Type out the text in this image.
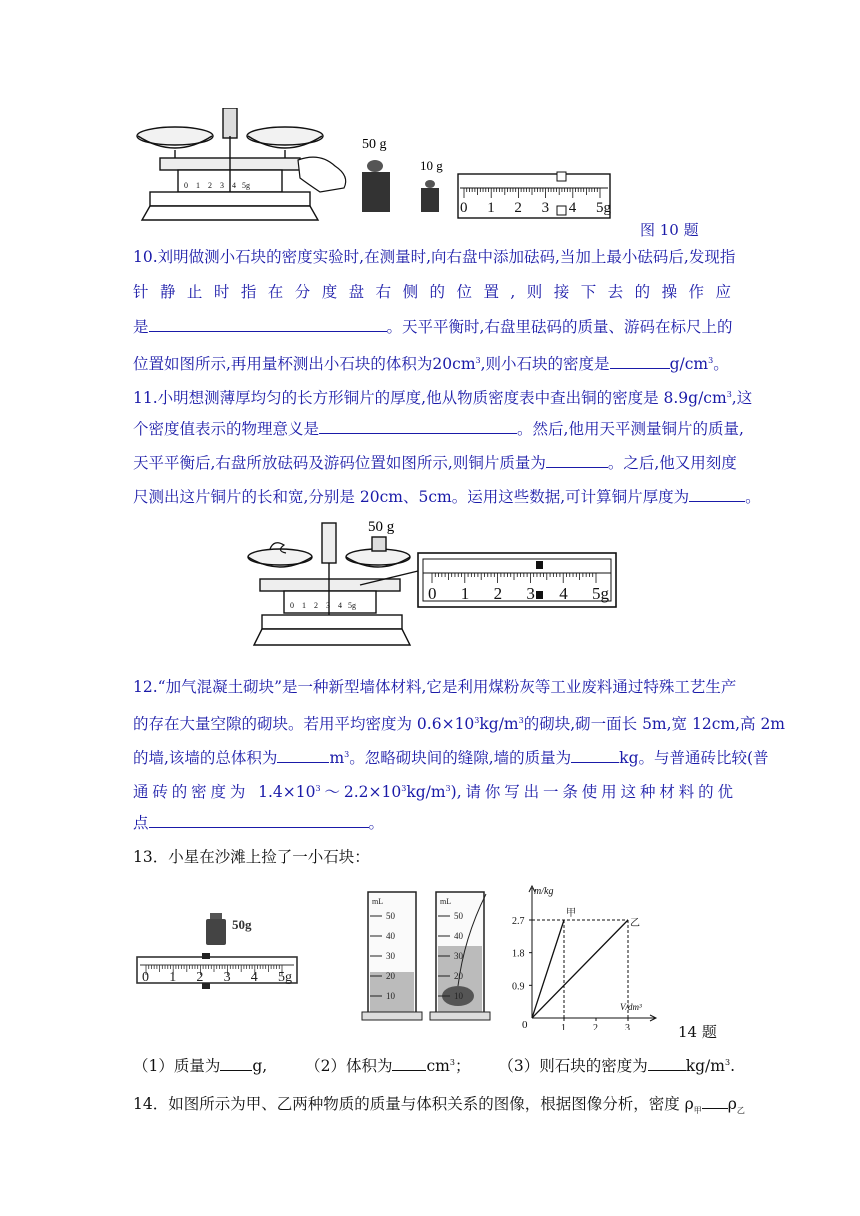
0 1 2 3 4 5g
50 g
10 g
0 1 2 3 4 5g
图 10 题
10.刘明做测小石块的密度实验时,在测量时,向右盘中添加砝码,当加上最小砝码后,发现指
针静止时指在分度盘右侧的位置,则接下去的操作应
是	。天平平衡时,右盘里砝码的质量、游码在标尺上的
位置如图所示,再用量杯测出小石块的体积为$20cm^3$,则小石块的密度是	$g/cm^3$。
11.小明想测薄厚均匀的长方形铜片的厚度,他从物质密度表中查出铜的密度是 $8.9g/cm^3$,这
个密度值表示的物理意义是	。然后,他用天平测量铜片的质量,
天平平衡后,右盘所放砝码及游码位置如图所示,则铜片质量为	。之后,他又用刻度
尺测出这片铜片的长和宽,分别是 20cm、5cm。运用这些数据,可计算铜片厚度为	。
0 1 2 3 4 5g
50 g
0 1 2 3 4 5g
12.“加气混凝土砌块”是一种新型墙体材料,它是利用煤粉灰等工业废料通过特殊工艺生产
的存在大量空隙的砌块。若用平均密度为 $0.6\times 10^3kg/m^3$的砌块,砌一面长 5m,宽 12cm,高 2m
的墙,该墙的总体积为	$m^3$。忽略砌块间的缝隙,墙的质量为	kg。与普通砖比较(普
通砖的密度为 $1.4\times 10^3\sim 2.2\times 10^3kg/m^3$),请你写出一条使用这种材料的优
点	。
13．小星在沙滩上捡了一小石块：
50g
0 1 2 3 4 5g
mL
50
40
30
20
10
mL
50
40
30
20
10
m/kg
V/dm³
0
2.7
1.8
0.9
1	2	3
甲
乙
14 题
（1）质量为 g, （2）体积为 $cm^3$； （3）则石块的密度为 $kg/m^3$.
14．如图所示为甲、乙两种物质的质量与体积关系的图像，根据图像分析，密度 $\rho_甲$ $\rho_乙$
